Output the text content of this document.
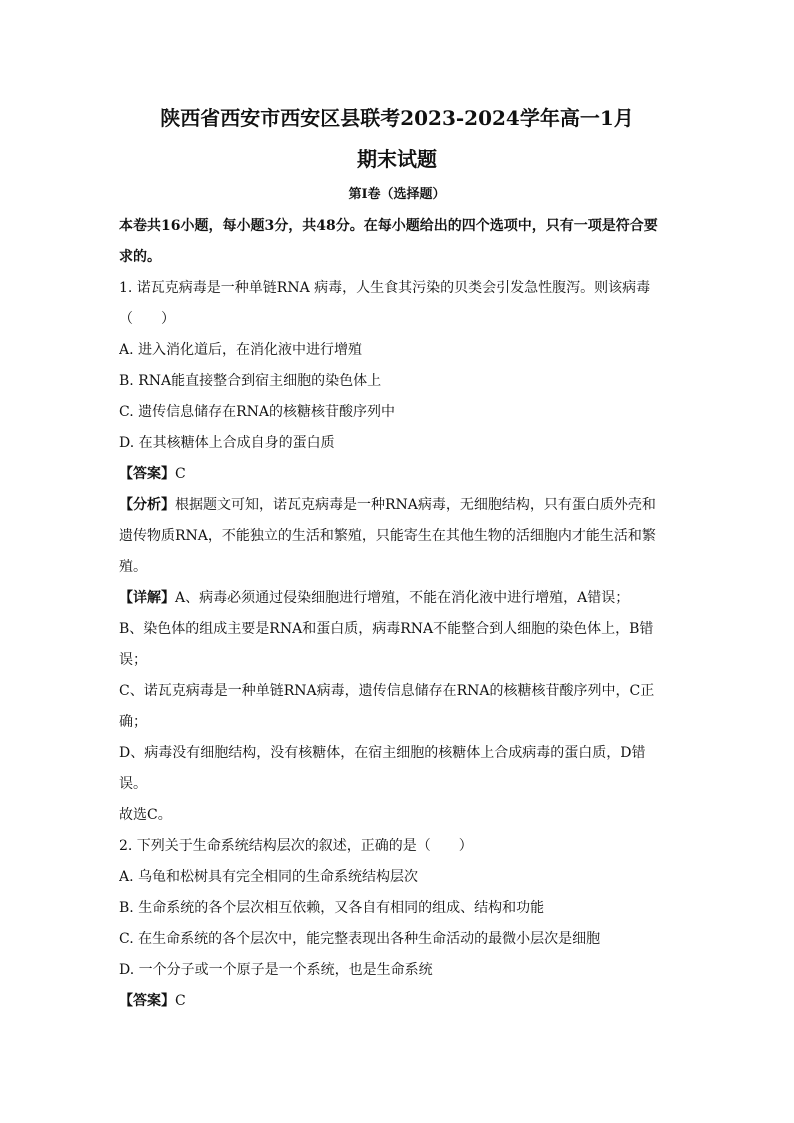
陕西省西安市西安区县联考2023-2024学年高一1月
期末试题
第I卷（选择题）
本卷共16小题，每小题3分，共48分。在每小题给出的四个选项中，只有一项是符合要
求的。
1. 诺瓦克病毒是一种单链RNA 病毒，人生食其污染的贝类会引发急性腹泻。则该病毒
（　　）
A. 进入消化道后，在消化液中进行增殖
B. RNA能直接整合到宿主细胞的染色体上
C. 遗传信息储存在RNA的核糖核苷酸序列中
D. 在其核糖体上合成自身的蛋白质
【答案】C
【分析】根据题文可知，诺瓦克病毒是一种RNA病毒，无细胞结构，只有蛋白质外壳和
遗传物质RNA，不能独立的生活和繁殖，只能寄生在其他生物的活细胞内才能生活和繁
殖。
【详解】A、病毒必须通过侵染细胞进行增殖，不能在消化液中进行增殖，A错误；
B、染色体的组成主要是RNA和蛋白质，病毒RNA不能整合到人细胞的染色体上，B错
误；
C、诺瓦克病毒是一种单链RNA病毒，遗传信息储存在RNA的核糖核苷酸序列中，C正
确；
D、病毒没有细胞结构，没有核糖体，在宿主细胞的核糖体上合成病毒的蛋白质，D错
误。
故选C。
2. 下列关于生命系统结构层次的叙述，正确的是（　　）
A. 乌龟和松树具有完全相同的生命系统结构层次
B. 生命系统的各个层次相互依赖，又各自有相同的组成、结构和功能
C. 在生命系统的各个层次中，能完整表现出各种生命活动的最微小层次是细胞
D. 一个分子或一个原子是一个系统，也是生命系统
【答案】C
